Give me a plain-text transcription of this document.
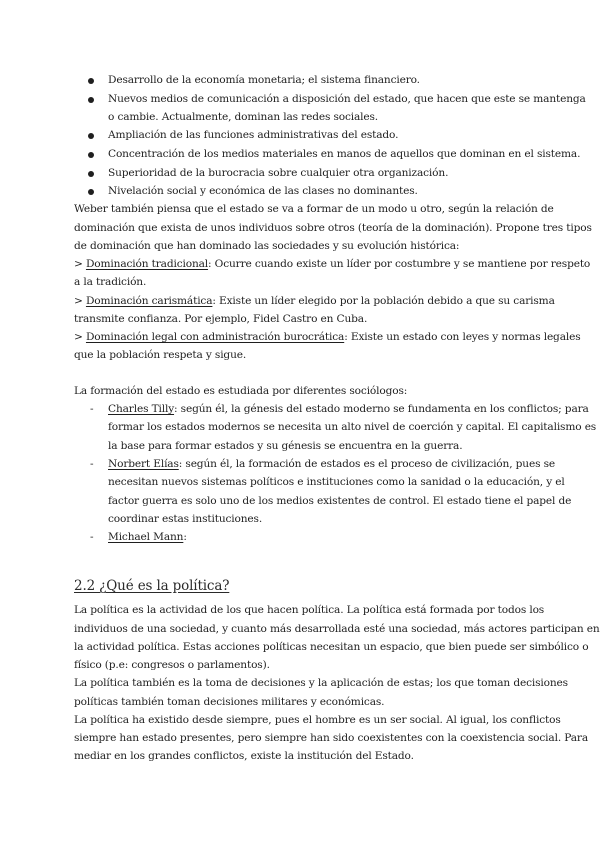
Desarrollo de la economía monetaria; el sistema financiero.
Nuevos medios de comunicación a disposición del estado, que hacen que este se mantenga
o cambie. Actualmente, dominan las redes sociales.
Ampliación de las funciones administrativas del estado.
Concentración de los medios materiales en manos de aquellos que dominan en el sistema.
Superioridad de la burocracia sobre cualquier otra organización.
Nivelación social y económica de las clases no dominantes.
Weber también piensa que el estado se va a formar de un modo u otro, según la relación de
dominación que exista de unos individuos sobre otros (teoría de la dominación). Propone tres tipos
de dominación que han dominado las sociedades y su evolución histórica:
> Dominación tradicional: Ocurre cuando existe un líder por costumbre y se mantiene por respeto
a la tradición.
> Dominación carismática: Existe un líder elegido por la población debido a que su carisma
transmite confianza. Por ejemplo, Fidel Castro en Cuba.
> Dominación legal con administración burocrática: Existe un estado con leyes y normas legales
que la población respeta y sigue.
La formación del estado es estudiada por diferentes sociólogos:
- Charles Tilly: según él, la génesis del estado moderno se fundamenta en los conflictos; para
formar los estados modernos se necesita un alto nivel de coerción y capital. El capitalismo es
la base para formar estados y su génesis se encuentra en la guerra.
- Norbert Elías: según él, la formación de estados es el proceso de civilización, pues se
necesitan nuevos sistemas políticos e instituciones como la sanidad o la educación, y el
factor guerra es solo uno de los medios existentes de control. El estado tiene el papel de
coordinar estas instituciones.
- Michael Mann:
2.2 ¿Qué es la política?
La política es la actividad de los que hacen política. La política está formada por todos los
individuos de una sociedad, y cuanto más desarrollada esté una sociedad, más actores participan en
la actividad política. Estas acciones políticas necesitan un espacio, que bien puede ser simbólico o
físico (p.e: congresos o parlamentos).
La política también es la toma de decisiones y la aplicación de estas; los que toman decisiones
políticas también toman decisiones militares y económicas.
La política ha existido desde siempre, pues el hombre es un ser social. Al igual, los conflictos
siempre han estado presentes, pero siempre han sido coexistentes con la coexistencia social. Para
mediar en los grandes conflictos, existe la institución del Estado.
